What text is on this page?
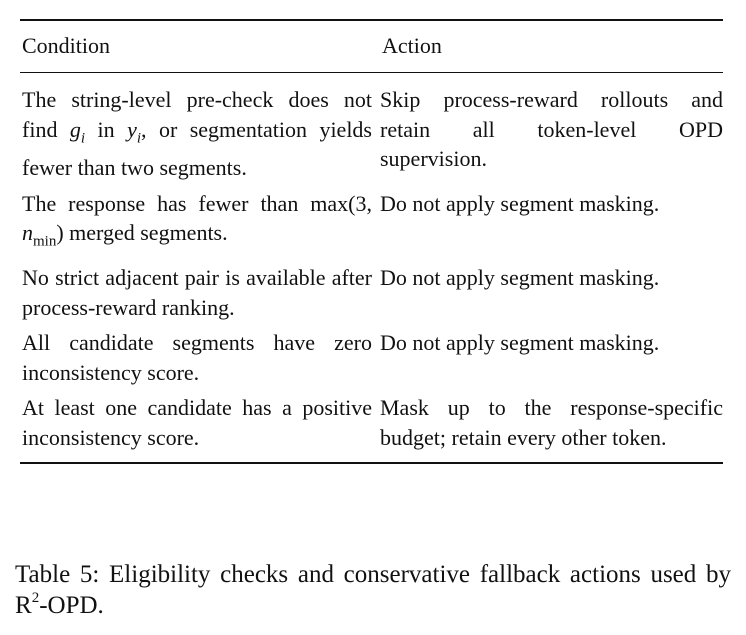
Condition	Action
The string-level pre-check does not find $g_i$ in $y_i$, or segmentation yields fewer than two segments.	Skip process-reward rollouts and retain all token-level OPD supervision.
The response has fewer than max(3, $n_{min}$) merged segments.	Do not apply segment masking.
No strict adjacent pair is available after process-reward ranking.	Do not apply segment masking.
All candidate segments have zero inconsistency score.	Do not apply segment masking.
At least one candidate has a positive inconsistency score.	Mask up to the response-specific budget; retain every other token.
Table 5: Eligibility checks and conservative fallback actions used by $R^2$-OPD.
